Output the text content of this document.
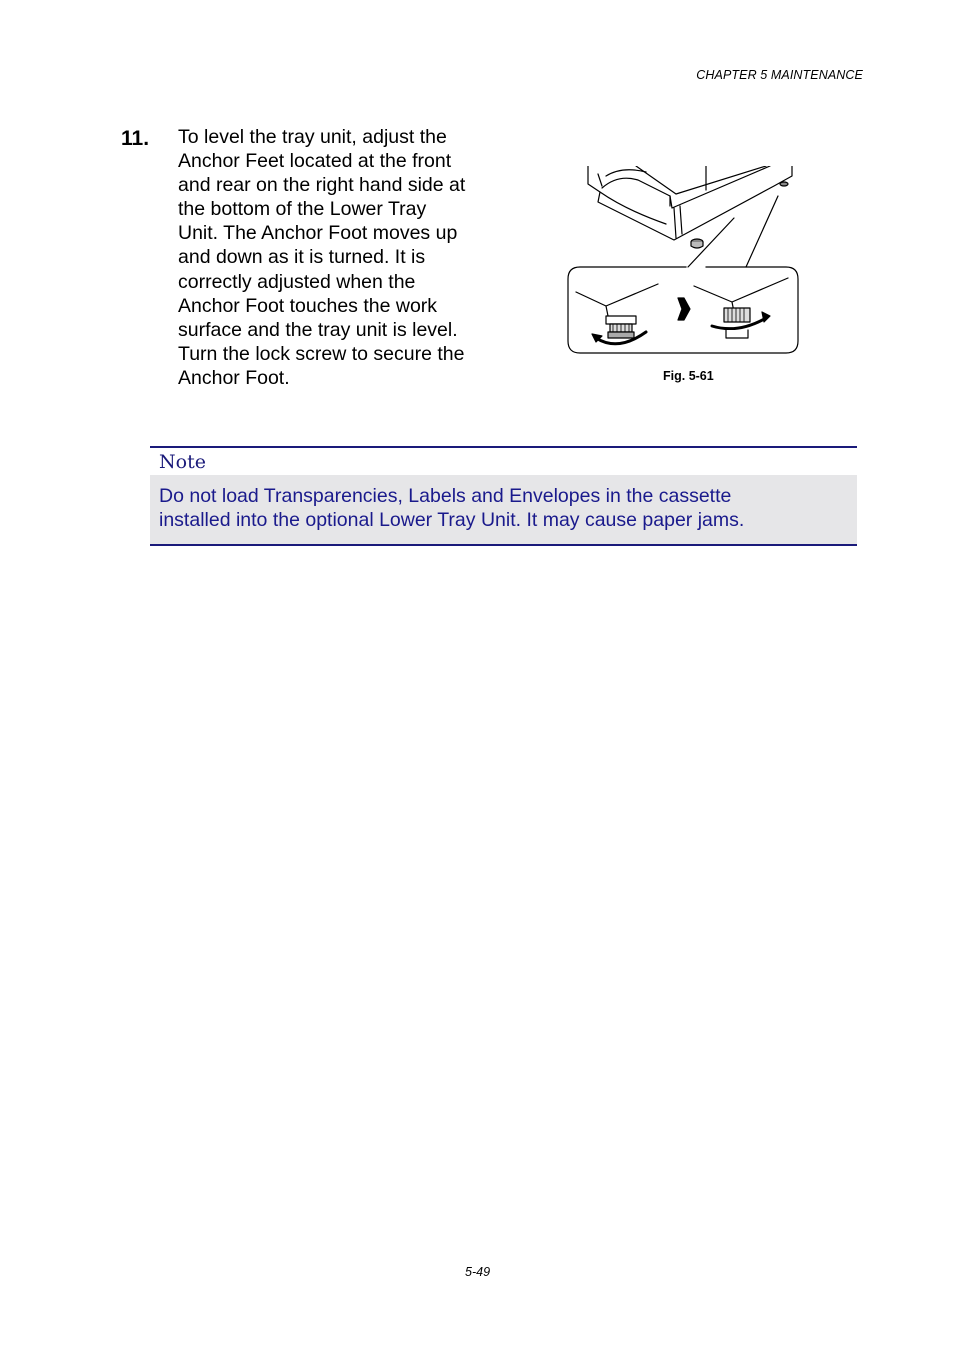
CHAPTER 5 MAINTENANCE
11. To level the tray unit, adjust the
Anchor Feet located at the front
and rear on the right hand side at
the bottom of the Lower Tray
Unit. The Anchor Foot moves up
and down as it is turned. It is
correctly adjusted when the
Anchor Foot touches the work
surface and the tray unit is level.
Turn the lock screw to secure the
Anchor Foot.	Fig. 5-61
Note
Do not load Transparencies, Labels and Envelopes in the cassette
installed into the optional Lower Tray Unit. It may cause paper jams.
5-49
